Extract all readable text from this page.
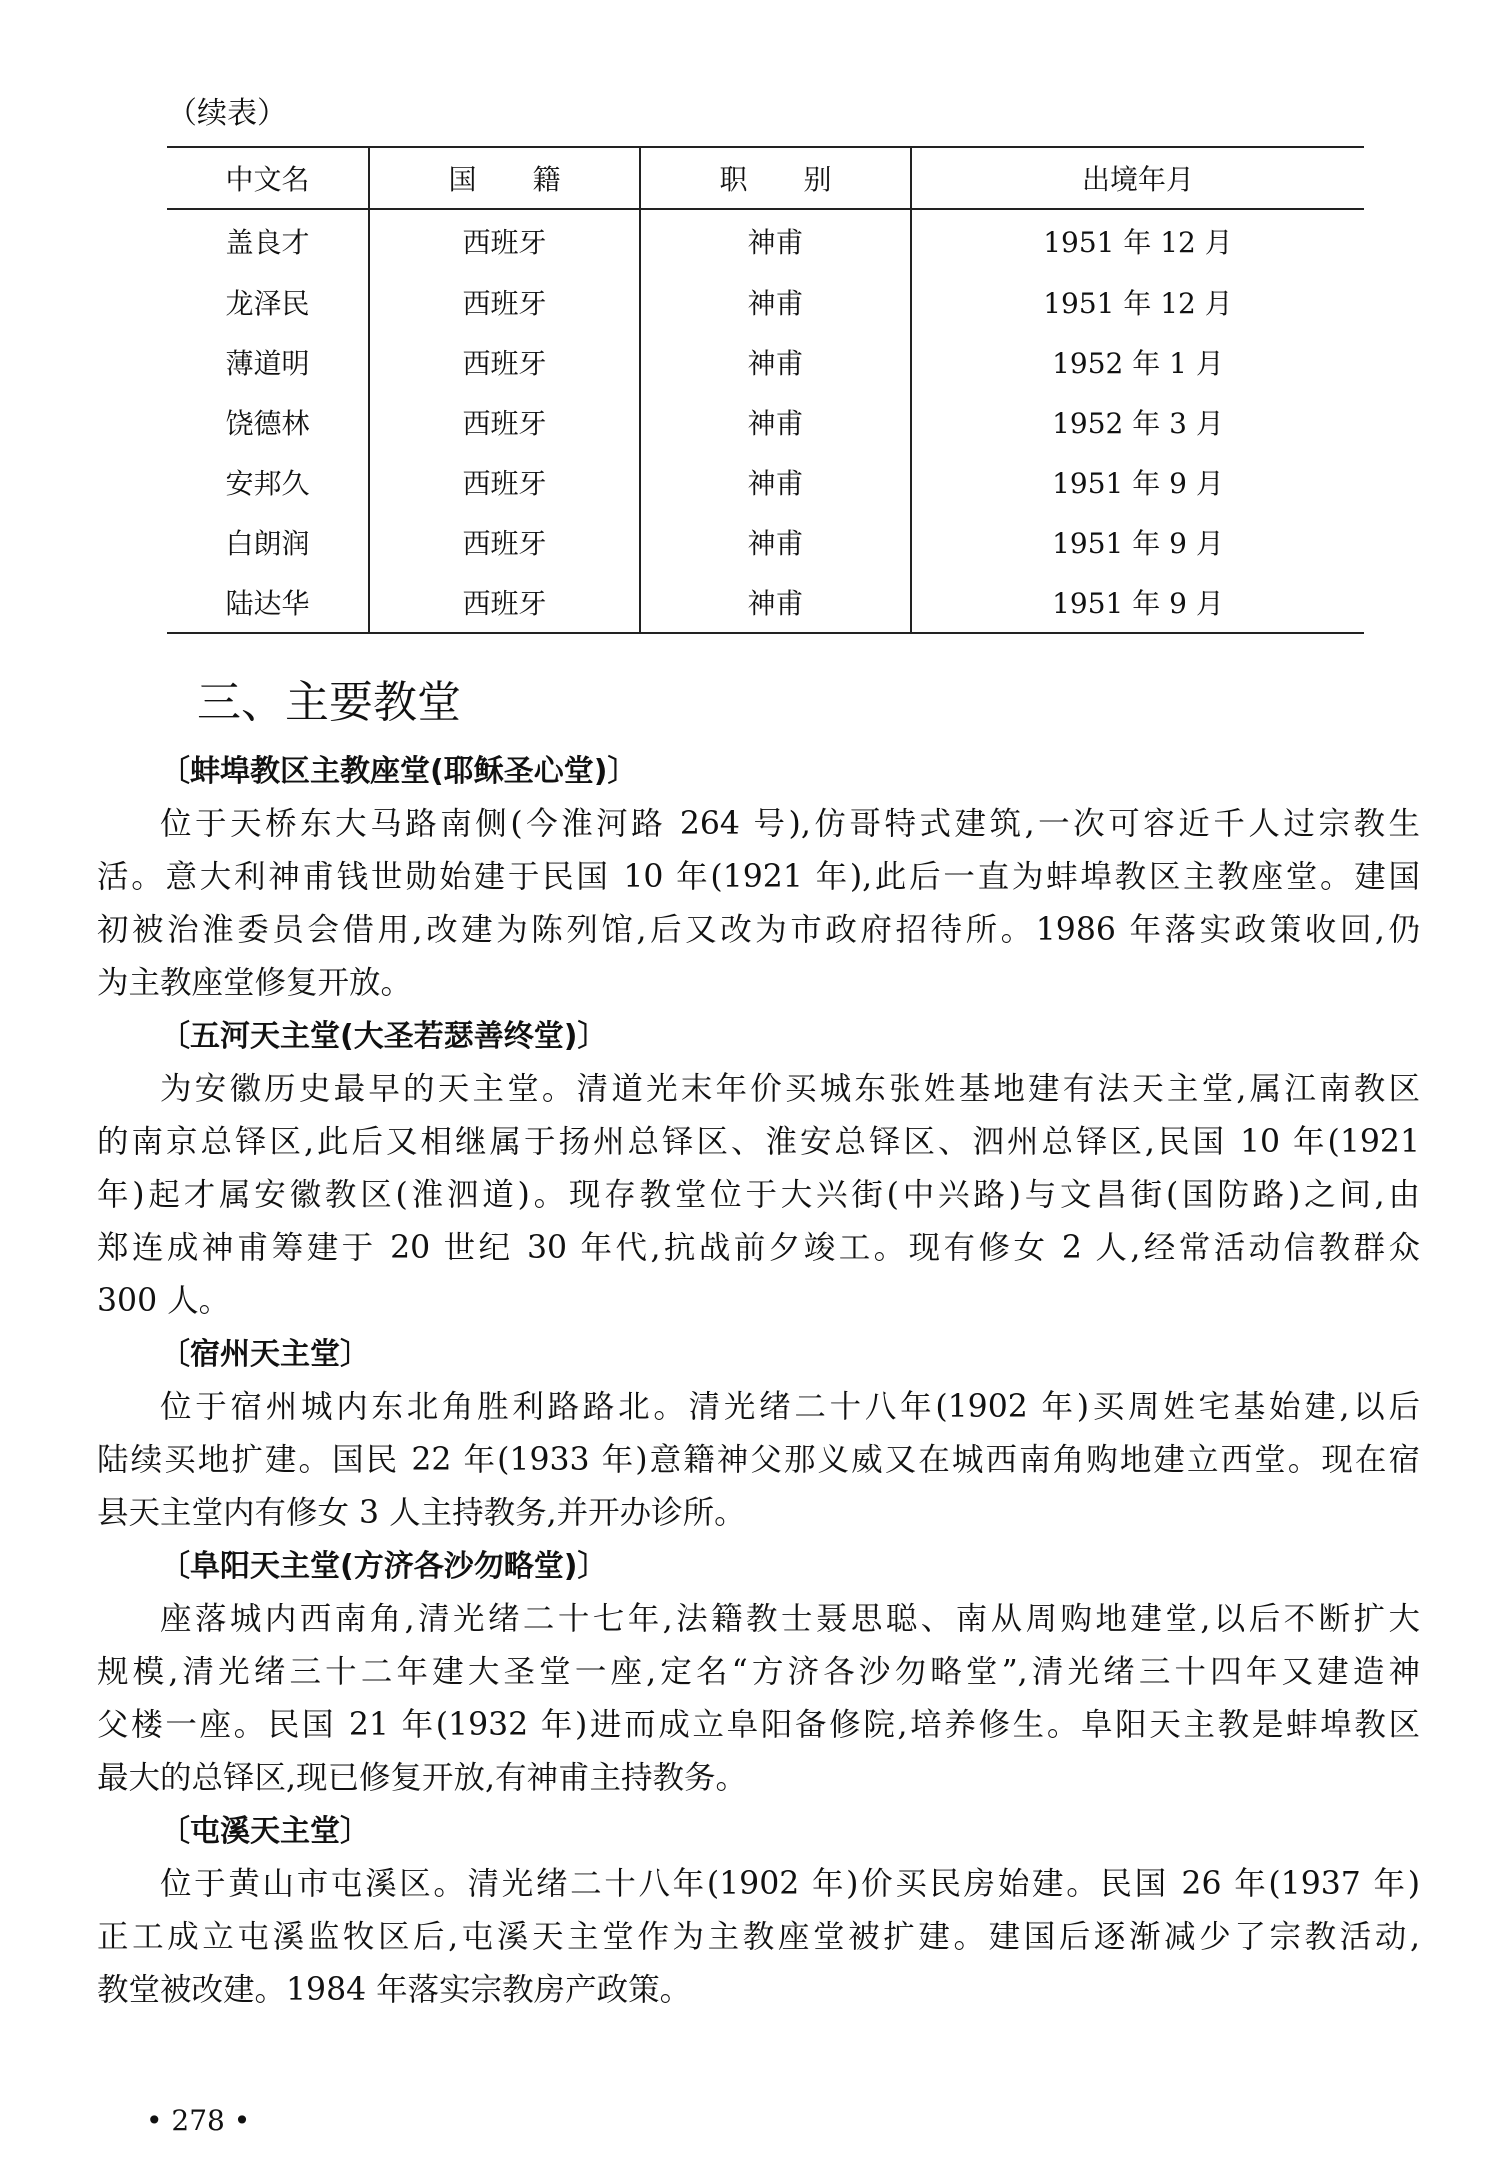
（续表）
中文名	国　　籍	职　　别	出境年月
盖良才	西班牙	神甫	1951 年 12 月
龙泽民	西班牙	神甫	1951 年 12 月
薄道明	西班牙	神甫	1952 年 1 月
饶德林	西班牙	神甫	1952 年 3 月
安邦久	西班牙	神甫	1951 年 9 月
白朗润	西班牙	神甫	1951 年 9 月
陆达华	西班牙	神甫	1951 年 9 月
三、主要教堂
〔蚌埠教区主教座堂(耶稣圣心堂)〕
位于天桥东大马路南侧(今淮河路 264 号),仿哥特式建筑,一次可容近千人过宗教生
活。意大利神甫钱世勋始建于民国 10 年(1921 年),此后一直为蚌埠教区主教座堂。建国
初被治淮委员会借用,改建为陈列馆,后又改为市政府招待所。1986 年落实政策收回,仍
为主教座堂修复开放。
〔五河天主堂(大圣若瑟善终堂)〕
为安徽历史最早的天主堂。清道光末年价买城东张姓基地建有法天主堂,属江南教区
的南京总铎区,此后又相继属于扬州总铎区、淮安总铎区、泗州总铎区,民国 10 年(1921
年)起才属安徽教区(淮泗道)。现存教堂位于大兴街(中兴路)与文昌街(国防路)之间,由
郑连成神甫筹建于 20 世纪 30 年代,抗战前夕竣工。现有修女 2 人,经常活动信教群众
300 人。
〔宿州天主堂〕
位于宿州城内东北角胜利路路北。清光绪二十八年(1902 年)买周姓宅基始建,以后
陆续买地扩建。国民 22 年(1933 年)意籍神父那义威又在城西南角购地建立西堂。现在宿
县天主堂内有修女 3 人主持教务,并开办诊所。
〔阜阳天主堂(方济各沙勿略堂)〕
座落城内西南角,清光绪二十七年,法籍教士聂思聪、南从周购地建堂,以后不断扩大
规模,清光绪三十二年建大圣堂一座,定名“方济各沙勿略堂”,清光绪三十四年又建造神
父楼一座。民国 21 年(1932 年)进而成立阜阳备修院,培养修生。阜阳天主教是蚌埠教区
最大的总铎区,现已修复开放,有神甫主持教务。
〔屯溪天主堂〕
位于黄山市屯溪区。清光绪二十八年(1902 年)价买民房始建。民国 26 年(1937 年)
正工成立屯溪监牧区后,屯溪天主堂作为主教座堂被扩建。建国后逐渐减少了宗教活动,
教堂被改建。1984 年落实宗教房产政策。
• 278 •
